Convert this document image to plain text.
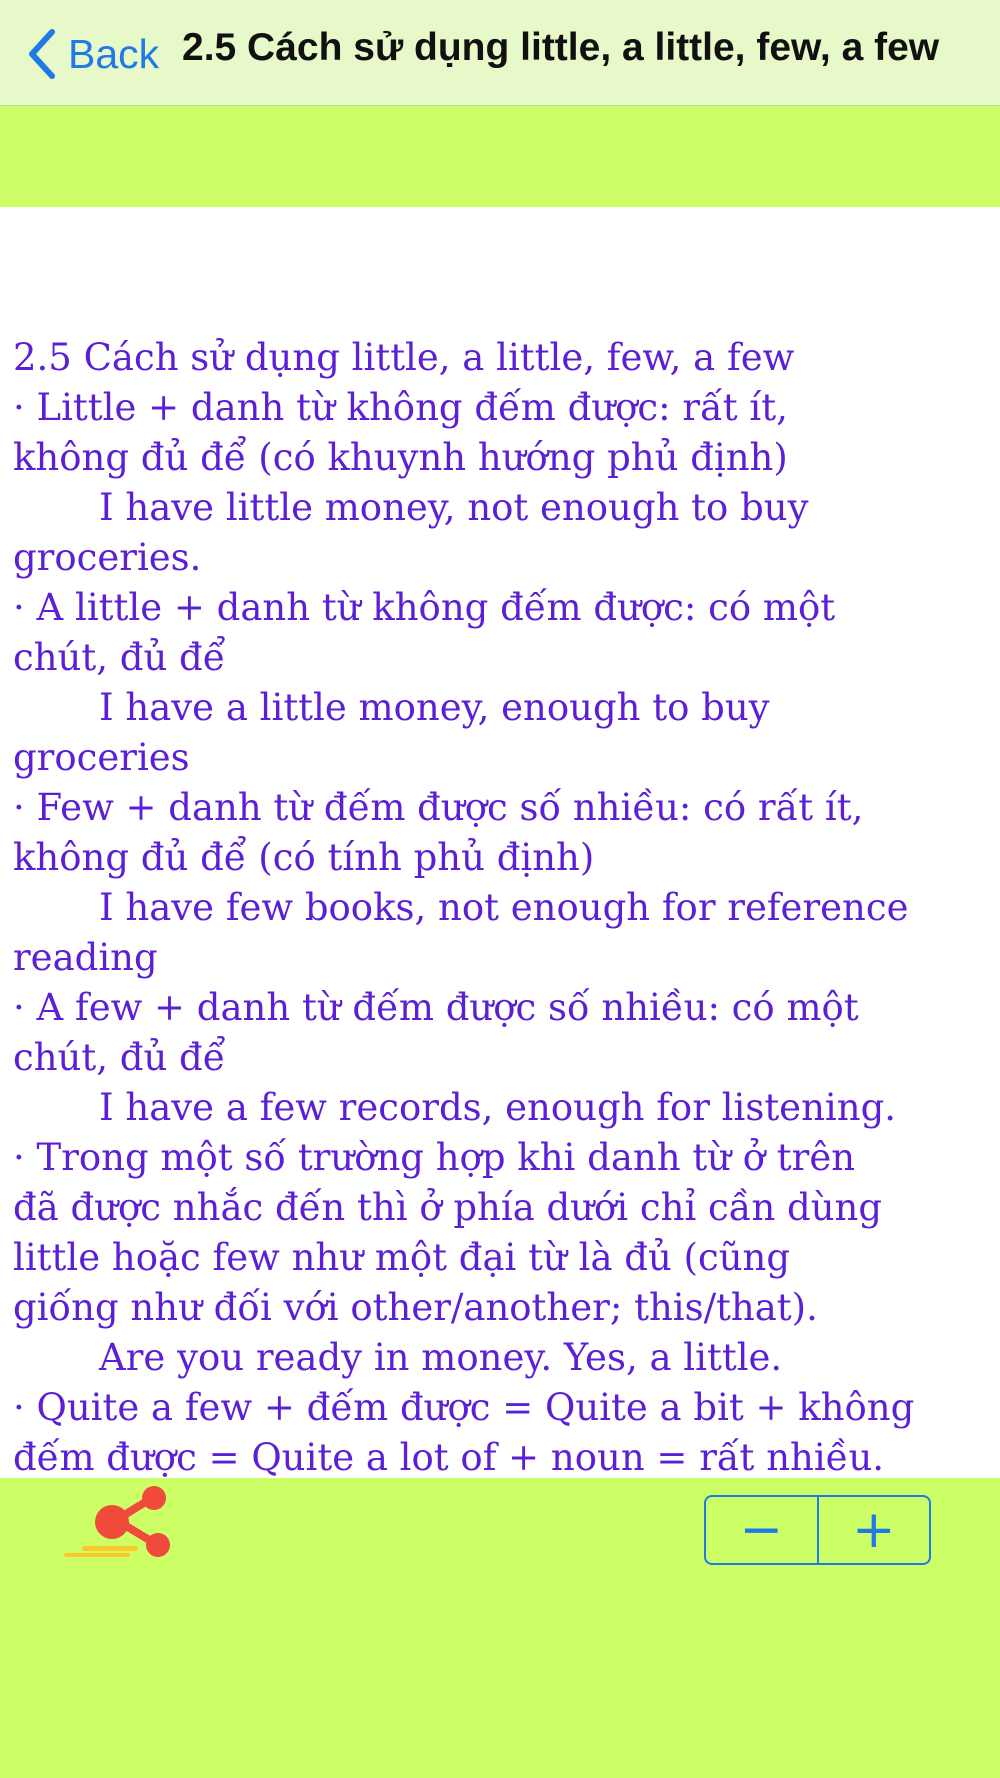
Back 2.5 Cách sử dụng little, a little, few, a few
2.5 Cách sử dụng little, a little, few, a few
· Little + danh từ không đếm được: rất ít,
không đủ để (có khuynh hướng phủ định)
I have little money, not enough to buy
groceries.
· A little + danh từ không đếm được: có một
chút, đủ để
I have a little money, enough to buy
groceries
· Few + danh từ đếm được số nhiều: có rất ít,
không đủ để (có tính phủ định)
I have few books, not enough for reference
reading
· A few + danh từ đếm được số nhiều: có một
chút, đủ để
I have a few records, enough for listening.
· Trong một số trường hợp khi danh từ ở trên
đã được nhắc đến thì ở phía dưới chỉ cần dùng
little hoặc few như một đại từ là đủ (cũng
giống như đối với other/another; this/that).
Are you ready in money. Yes, a little.
· Quite a few + đếm được = Quite a bit + không
đếm được = Quite a lot of + noun = rất nhiều.
−	+
